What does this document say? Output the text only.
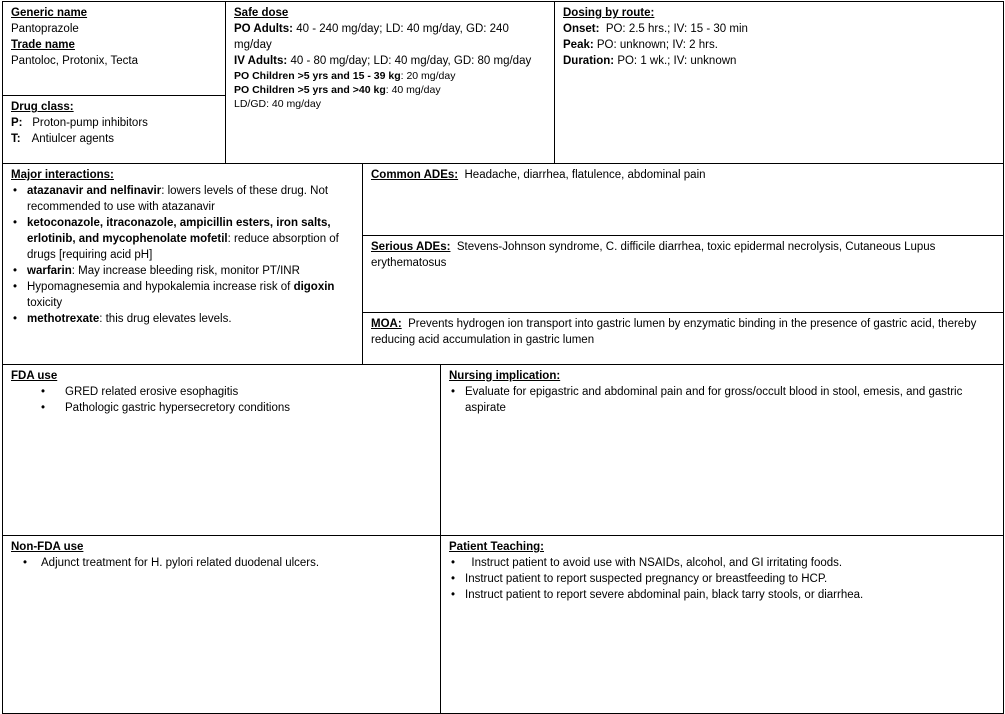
Generic name
Pantoprazole
Trade name
Pantoloc, Protonix, Tecta
Drug class:
P: Proton-pump inhibitors
T: Antiulcer agents
Safe dose
PO Adults: 40 - 240 mg/day; LD: 40 mg/day, GD: 240 mg/day
IV Adults: 40 - 80 mg/day; LD: 40 mg/day, GD: 80 mg/day
PO Children >5 yrs and 15 - 39 kg: 20 mg/day
PO Children >5 yrs and >40 kg: 40 mg/day
LD/GD: 40 mg/day
Dosing by route:
Onset: PO: 2.5 hrs.; IV: 15 - 30 min
Peak: PO: unknown; IV: 2 hrs.
Duration: PO: 1 wk.; IV: unknown
Major interactions:
• atazanavir and nelfinavir: lowers levels of these drug. Not recommended to use with atazanavir
• ketoconazole, itraconazole, ampicillin esters, iron salts, erlotinib, and mycophenolate mofetil: reduce absorption of drugs [requiring acid pH]
• warfarin: May increase bleeding risk, monitor PT/INR
• Hypomagnesemia and hypokalemia increase risk of digoxin toxicity
• methotrexate: this drug elevates levels.
Common ADEs: Headache, diarrhea, flatulence, abdominal pain
Serious ADEs: Stevens-Johnson syndrome, C. difficile diarrhea, toxic epidermal necrolysis, Cutaneous Lupus erythematosus
MOA: Prevents hydrogen ion transport into gastric lumen by enzymatic binding in the presence of gastric acid, thereby reducing acid accumulation in gastric lumen
FDA use
• GRED related erosive esophagitis
• Pathologic gastric hypersecretory conditions
Nursing implication:
• Evaluate for epigastric and abdominal pain and for gross/occult blood in stool, emesis, and gastric aspirate
Non-FDA use
• Adjunct treatment for H. pylori related duodenal ulcers.
Patient Teaching:
• Instruct patient to avoid use with NSAIDs, alcohol, and GI irritating foods.
• Instruct patient to report suspected pregnancy or breastfeeding to HCP.
• Instruct patient to report severe abdominal pain, black tarry stools, or diarrhea.
